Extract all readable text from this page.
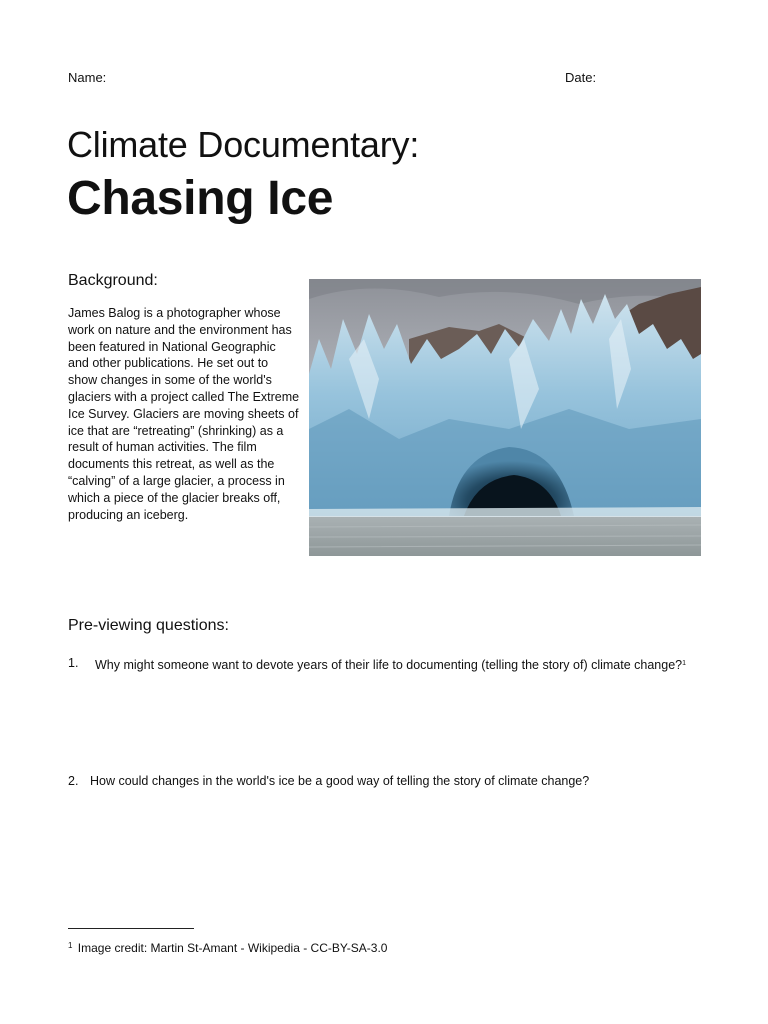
Name:	Date:
Climate Documentary:
Chasing Ice
Background:
James Balog is a photographer whose work on nature and the environment has been featured in National Geographic and other publications. He set out to show changes in some of the world's glaciers with a project called The Extreme Ice Survey. Glaciers are moving sheets of ice that are “retreating” (shrinking) as a result of human activities. The film documents this retreat, as well as the “calving” of a large glacier, a process in which a piece of the glacier breaks off, producing an iceberg.
Pre-viewing questions:
1.	Why might someone want to devote years of their life to documenting (telling the story of) climate change?$^1$
2. How could changes in the world's ice be a good way of telling the story of climate change?
$^1$ Image credit: Martin St-Amant - Wikipedia - CC-BY-SA-3.0
